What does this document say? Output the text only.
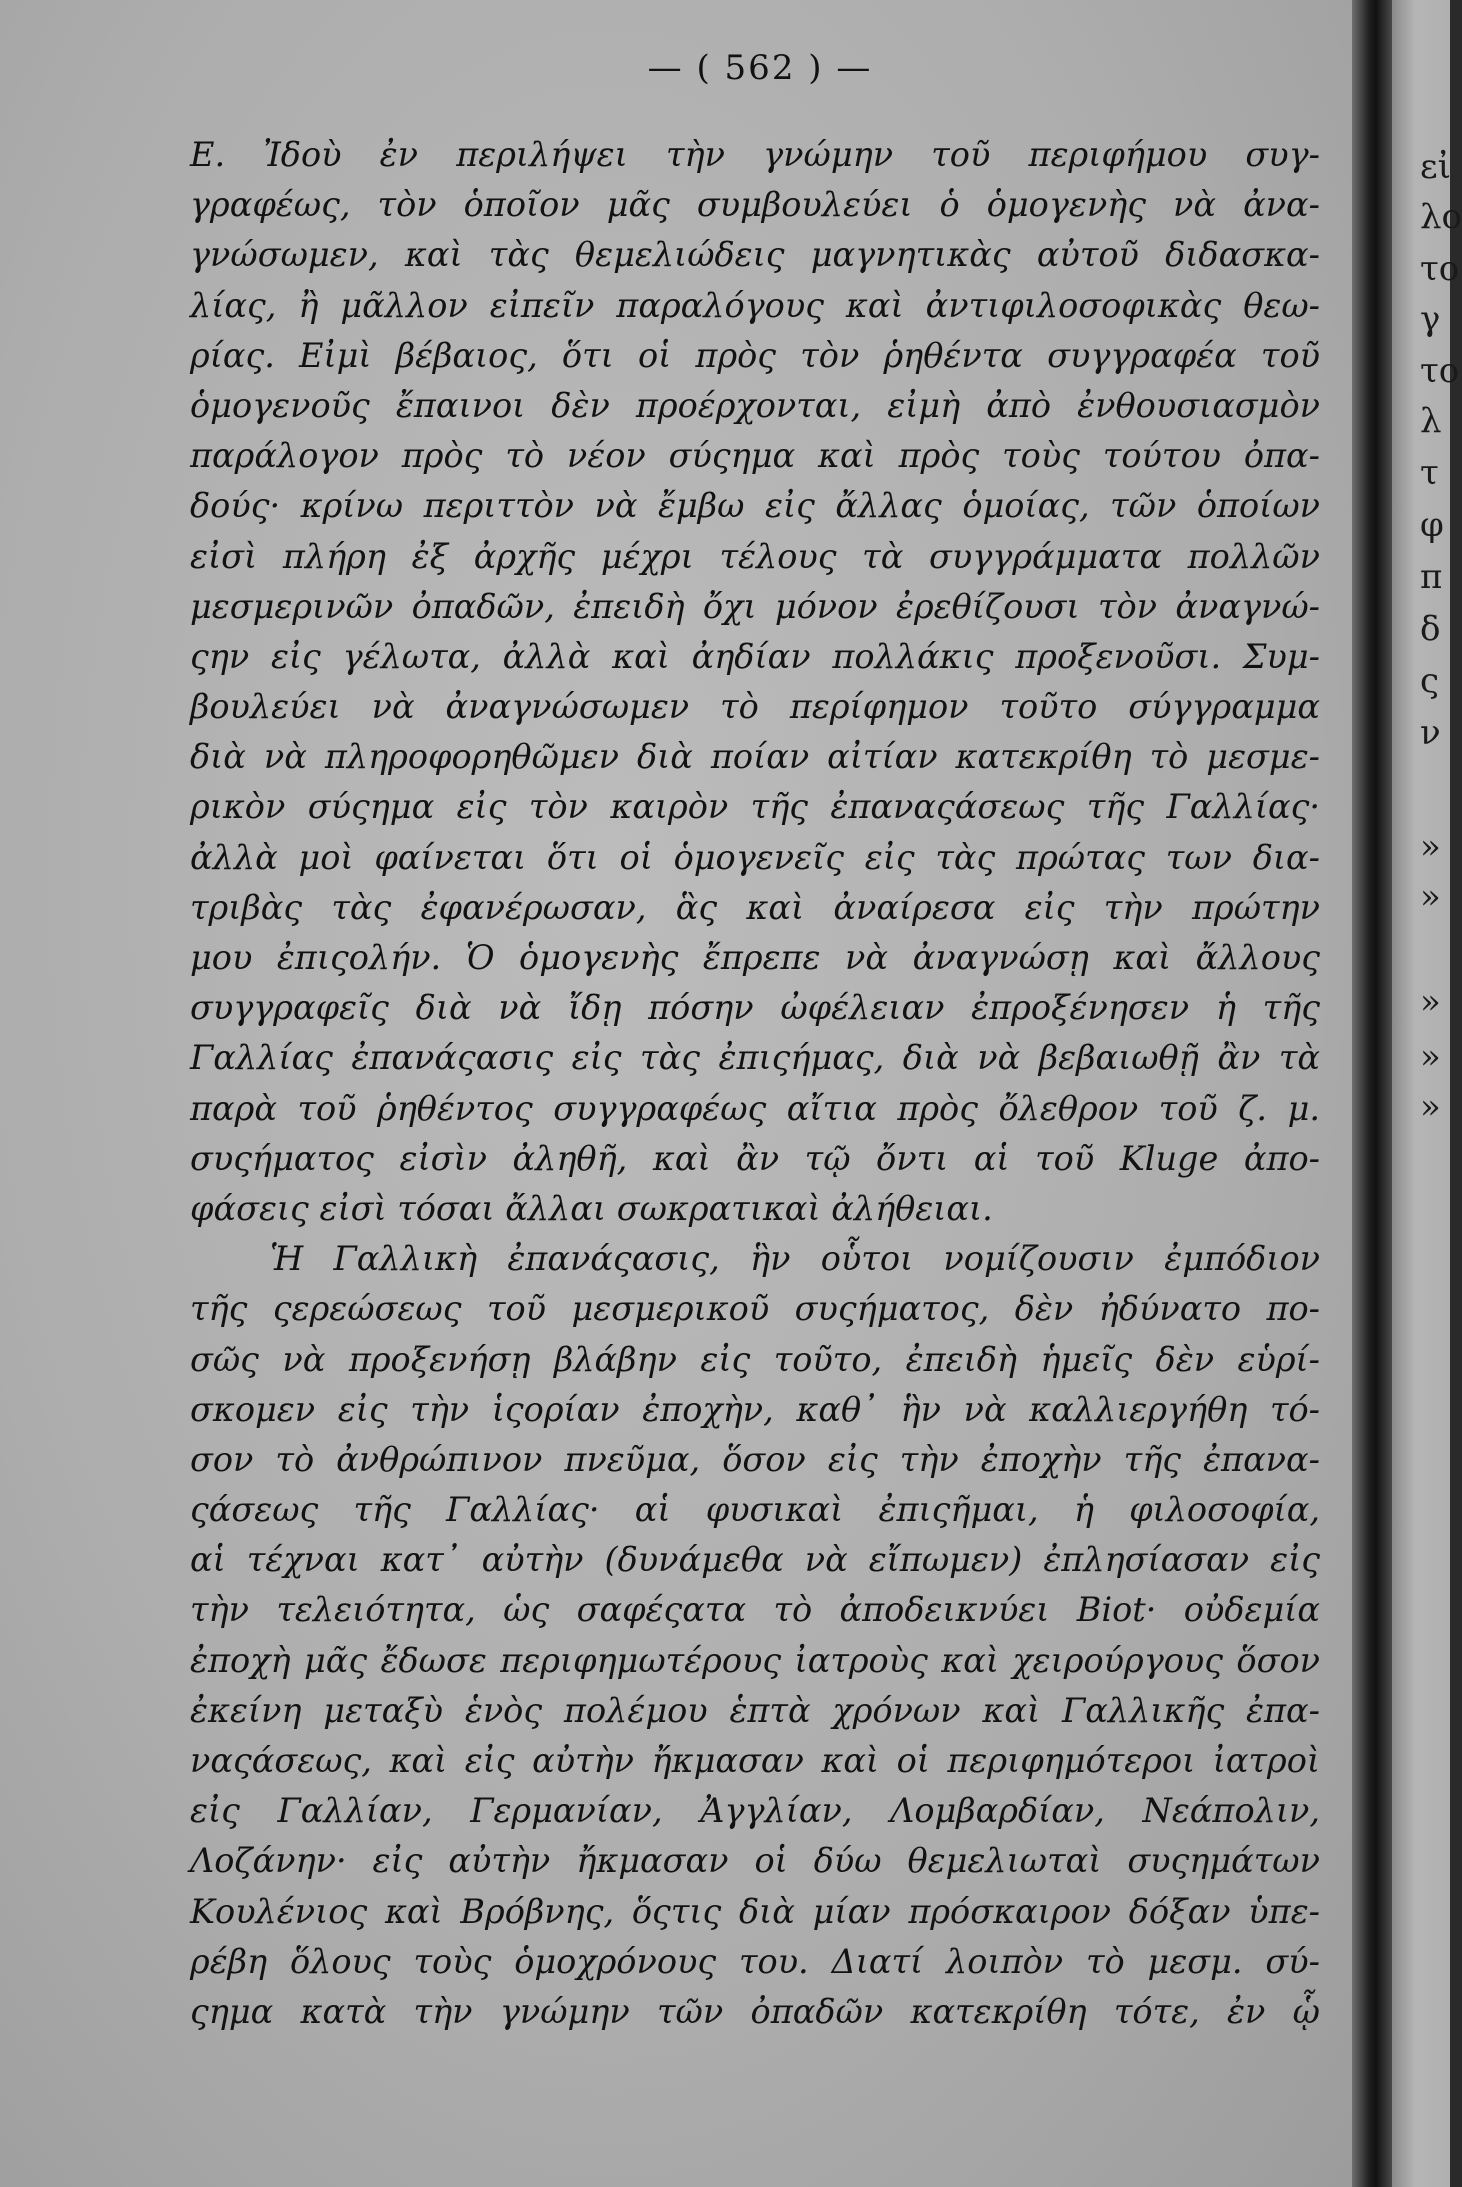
— ( 562 ) —
Ε. Ἰδοὺ ἐν περιλήψει τὴν γνώμην τοῦ περιφήμου συγ-
γραφέως, τὸν ὁποῖον μᾶς συμβουλεύει ὁ ὁμογενὴς νὰ ἀνα-
γνώσωμεν, καὶ τὰς θεμελιώδεις μαγνητικὰς αὐτοῦ διδασκα-
λίας, ἢ μᾶλλον εἰπεῖν παραλόγους καὶ ἀντιφιλοσοφικὰς θεω-
ρίας. Εἰμὶ βέβαιος, ὅτι οἱ πρὸς τὸν ῥηθέντα συγγραφέα τοῦ
ὁμογενοῦς ἔπαινοι δὲν προέρχονται, εἰμὴ ἀπὸ ἐνθουσιασμὸν
παράλογον πρὸς τὸ νέον σύςημα καὶ πρὸς τοὺς τούτου ὀπα-
δούς· κρίνω περιττὸν νὰ ἔμβω εἰς ἄλλας ὁμοίας, τῶν ὁποίων
εἰσὶ πλήρη ἐξ ἀρχῆς μέχρι τέλους τὰ συγγράμματα πολλῶν
μεσμερινῶν ὀπαδῶν, ἐπειδὴ ὄχι μόνον ἐρεθίζουσι τὸν ἀναγνώ-
ςην εἰς γέλωτα, ἀλλὰ καὶ ἀηδίαν πολλάκις προξενοῦσι. Συμ-
βουλεύει νὰ ἀναγνώσωμεν τὸ περίφημον τοῦτο σύγγραμμα
διὰ νὰ πληροφορηθῶμεν διὰ ποίαν αἰτίαν κατεκρίθη τὸ μεσμε-
ρικὸν σύςημα εἰς τὸν καιρὸν τῆς ἐπαναςάσεως τῆς Γαλλίας·
ἀλλὰ μοὶ φαίνεται ὅτι οἱ ὁμογενεῖς εἰς τὰς πρώτας των δια-
τριβὰς τὰς ἐφανέρωσαν, ἃς καὶ ἀναίρεσα εἰς τὴν πρώτην
μου ἐπιςολήν. Ὁ ὁμογενὴς ἔπρεπε νὰ ἀναγνώσῃ καὶ ἄλλους
συγγραφεῖς διὰ νὰ ἴδῃ πόσην ὠφέλειαν ἐπροξένησεν ἡ τῆς
Γαλλίας ἐπανάςασις εἰς τὰς ἐπιςήμας, διὰ νὰ βεβαιωθῇ ἂν τὰ
παρὰ τοῦ ῥηθέντος συγγραφέως αἴτια πρὸς ὄλεθρον τοῦ ζ. μ.
συςήματος εἰσὶν ἀληθῆ, καὶ ἂν τῷ ὄντι αἱ τοῦ Kluge ἀπο-
φάσεις εἰσὶ τόσαι ἄλλαι σωκρατικαὶ ἀλήθειαι.
Ἡ Γαλλικὴ ἐπανάςασις, ἣν οὗτοι νομίζουσιν ἐμπόδιον
τῆς ςερεώσεως τοῦ μεσμερικοῦ συςήματος, δὲν ἠδύνατο πο-
σῶς νὰ προξενήσῃ βλάβην εἰς τοῦτο, ἐπειδὴ ἡμεῖς δὲν εὑρί-
σκομεν εἰς τὴν ἱςορίαν ἐποχὴν, καθ᾽ ἣν νὰ καλλιεργήθη τό-
σον τὸ ἀνθρώπινον πνεῦμα, ὅσον εἰς τὴν ἐποχὴν τῆς ἐπανα-
ςάσεως τῆς Γαλλίας· αἱ φυσικαὶ ἐπιςῆμαι, ἡ φιλοσοφία,
αἱ τέχναι κατ᾽ αὐτὴν (δυνάμεθα νὰ εἴπωμεν) ἐπλησίασαν εἰς
τὴν τελειότητα, ὡς σαφέςατα τὸ ἀποδεικνύει Biot· οὐδεμία
ἐποχὴ μᾶς ἔδωσε περιφημωτέρους ἰατροὺς καὶ χειρούργους ὅσον
ἐκείνη μεταξὺ ἑνὸς πολέμου ἑπτὰ χρόνων καὶ Γαλλικῆς ἐπα-
ναςάσεως, καὶ εἰς αὐτὴν ἤκμασαν καὶ οἱ περιφημότεροι ἰατροὶ
εἰς Γαλλίαν, Γερμανίαν, Ἀγγλίαν, Λομβαρδίαν, Νεάπολιν,
Λοζάνην· εἰς αὐτὴν ἤκμασαν οἱ δύω θεμελιωταὶ συςημάτων
Κουλένιος καὶ Βρόβνης, ὅςτις διὰ μίαν πρόσκαιρον δόξαν ὑπε-
ρέβη ὅλους τοὺς ὁμοχρόνους του. Διατί λοιπὸν τὸ μεσμ. σύ-
ςημα κατὰ τὴν γνώμην τῶν ὀπαδῶν κατεκρίθη τότε, ἐν ᾧ
εἰ
λο
το
γ
το
λ
τ
φ
π
δ
ς
ν
»
»
»
»
»
